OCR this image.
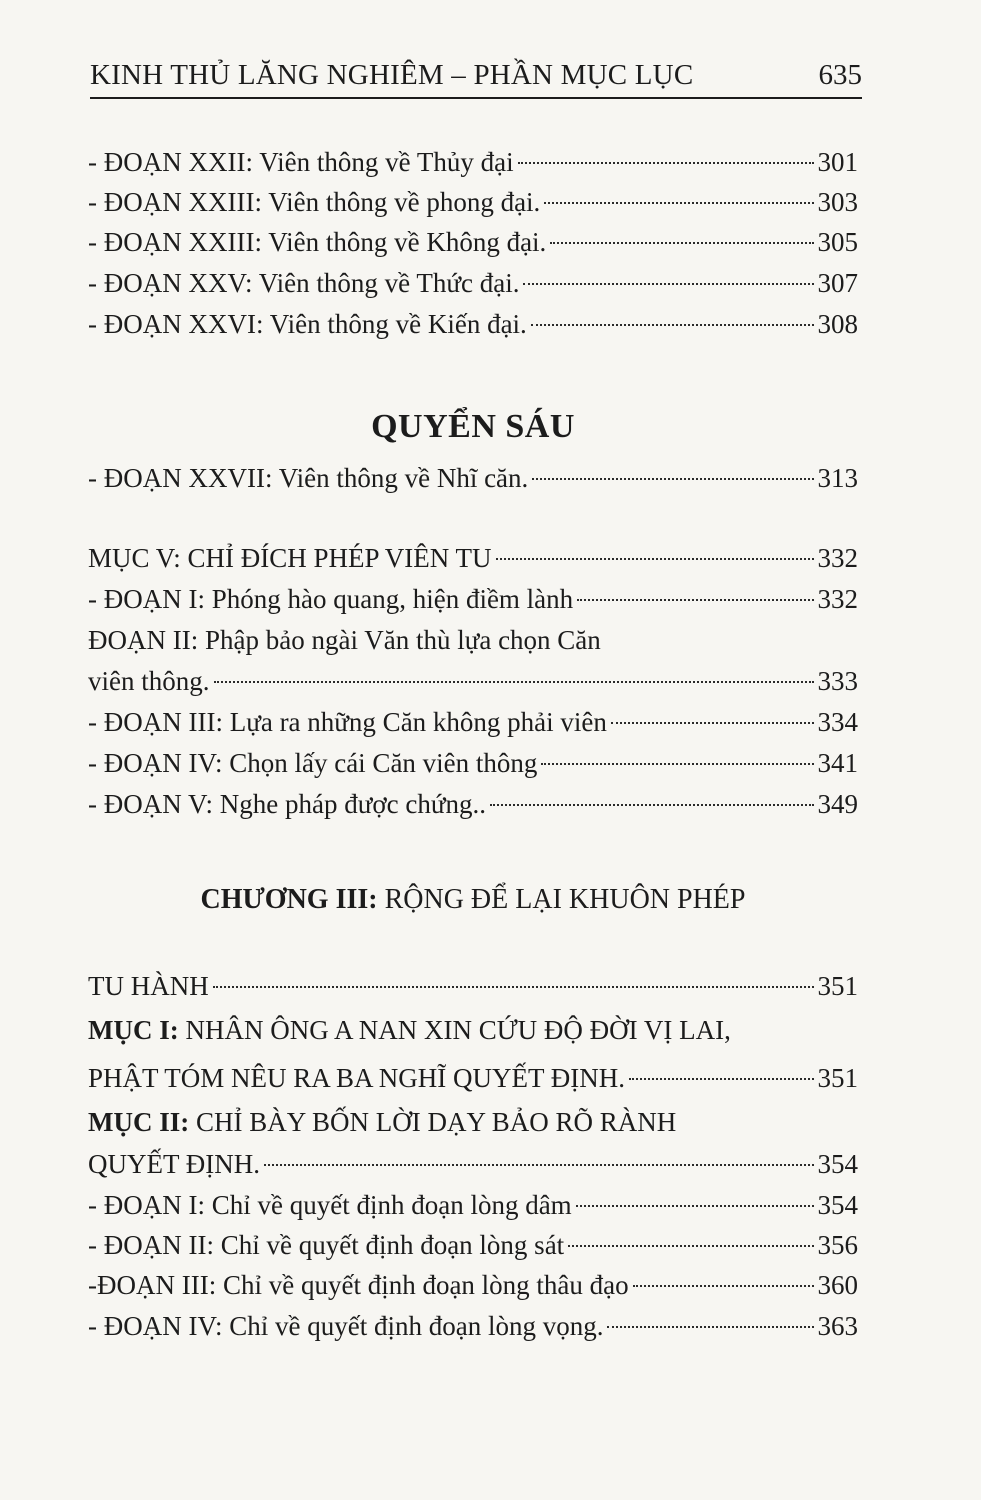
KINH THỦ LĂNG NGHIÊM – PHẦN MỤC LỤC	635
- ĐOẠN XXII: Viên thông về Thủy đại	301
- ĐOẠN XXIII: Viên thông về phong đại.	303
- ĐOẠN XXIII: Viên thông về Không đại.	305
- ĐOẠN XXV: Viên thông về Thức đại.	307
- ĐOẠN XXVI: Viên thông về Kiến đại.	308
QUYỂN SÁU
- ĐOẠN XXVII: Viên thông về Nhĩ căn.	313
MỤC V: CHỈ ĐÍCH PHÉP VIÊN TU	332
- ĐOẠN I: Phóng hào quang, hiện điềm lành	332
ĐOẠN II: Phập bảo ngài Văn thù lựa chọn Căn
viên thông.	333
- ĐOẠN III: Lựa ra những Căn không phải viên	334
- ĐOẠN IV: Chọn lấy cái Căn viên thông	341
- ĐOẠN V: Nghe pháp được chứng..	349
CHƯƠNG III: RỘNG ĐỂ LẠI KHUÔN PHÉP
TU HÀNH	351
MỤC I: NHÂN ÔNG A NAN XIN CỨU ĐỘ ĐỜI VỊ LAI,
PHẬT TÓM NÊU RA BA NGHĨ QUYẾT ĐỊNH.	351
MỤC II: CHỈ BÀY BỐN LỜI DẠY BẢO RÕ RÀNH
QUYẾT ĐỊNH.	354
- ĐOẠN I: Chỉ về quyết định đoạn lòng dâm	354
- ĐOẠN II: Chỉ về quyết định đoạn lòng sát	356
-ĐOẠN III: Chỉ về quyết định đoạn lòng thâu đạo	360
- ĐOẠN IV: Chỉ về quyết định đoạn lòng vọng.	363
